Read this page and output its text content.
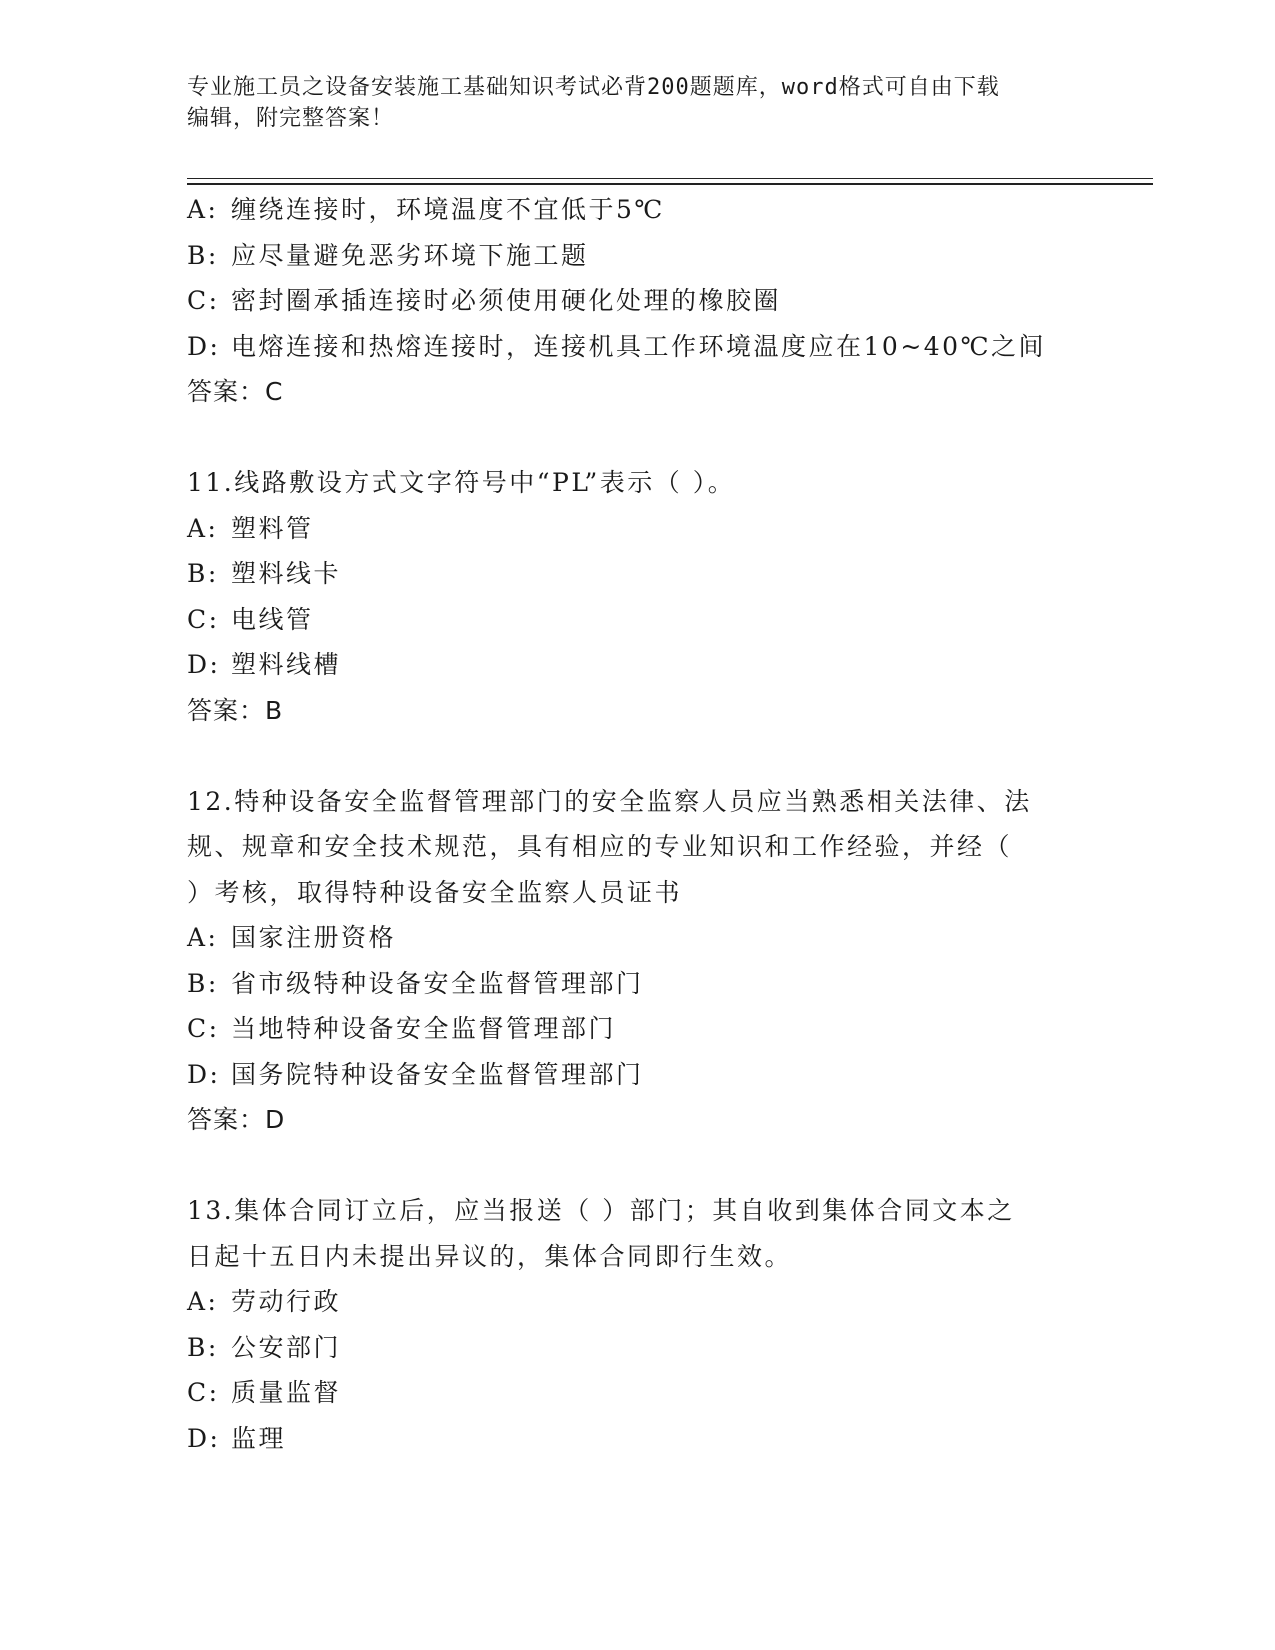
专业施工员之设备安装施工基础知识考试必背200题题库，word格式可自由下载
编辑，附完整答案！
A: 缠绕连接时，环境温度不宜低于5℃
B: 应尽量避免恶劣环境下施工题
C: 密封圈承插连接时必须使用硬化处理的橡胶圈
D: 电熔连接和热熔连接时，连接机具工作环境温度应在10~40℃之间
答案：C
11.线路敷设方式文字符号中“PL”表示（ ）。
A: 塑料管
B: 塑料线卡
C: 电线管
D: 塑料线槽
答案：B
12.特种设备安全监督管理部门的安全监察人员应当熟悉相关法律、法
规、规章和安全技术规范，具有相应的专业知识和工作经验，并经（
）考核，取得特种设备安全监察人员证书
A: 国家注册资格
B: 省市级特种设备安全监督管理部门
C: 当地特种设备安全监督管理部门
D: 国务院特种设备安全监督管理部门
答案：D
13.集体合同订立后，应当报送（ ）部门；其自收到集体合同文本之
日起十五日内未提出异议的，集体合同即行生效。
A: 劳动行政
B: 公安部门
C: 质量监督
D: 监理
